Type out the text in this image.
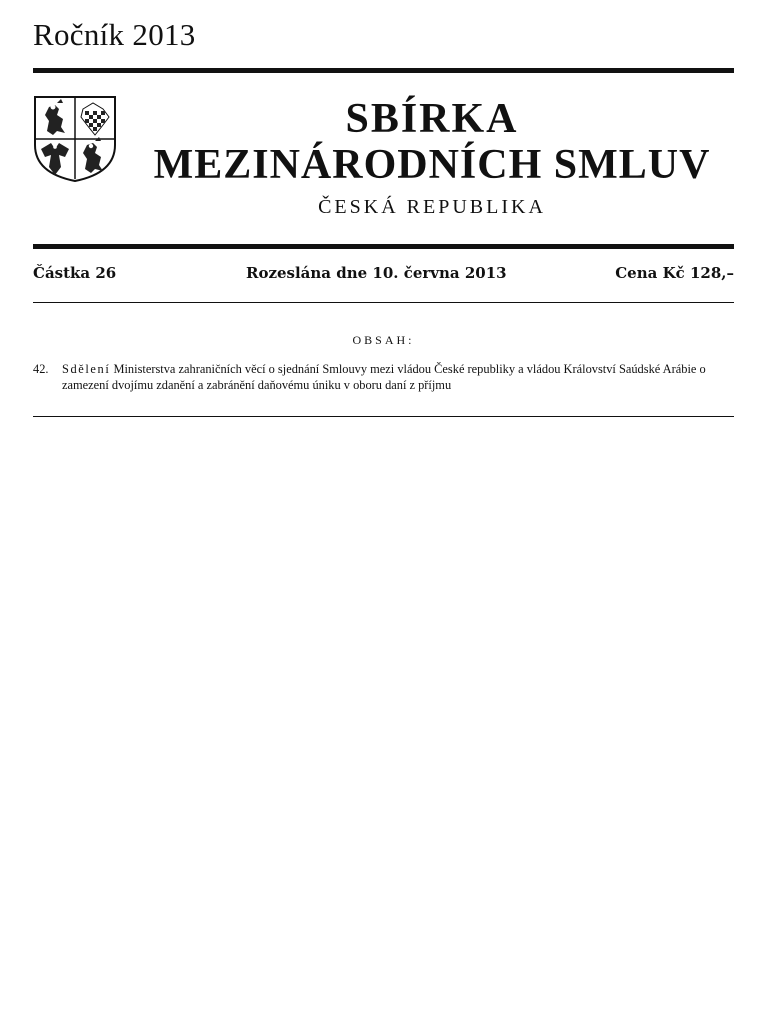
Ročník 2013
SBÍRKA
MEZINÁRODNÍCH SMLUV
ČESKÁ REPUBLIKA
Částka 26	Rozeslána dne 10. června 2013	Cena Kč 128,–
OBSAH:
42. Sdělení Ministerstva zahraničních věcí o sjednání Smlouvy mezi vládou České republiky a vládou Království Saúdské Arábie o zamezení dvojímu zdanění a zabránění daňovému úniku v oboru daní z příjmu
